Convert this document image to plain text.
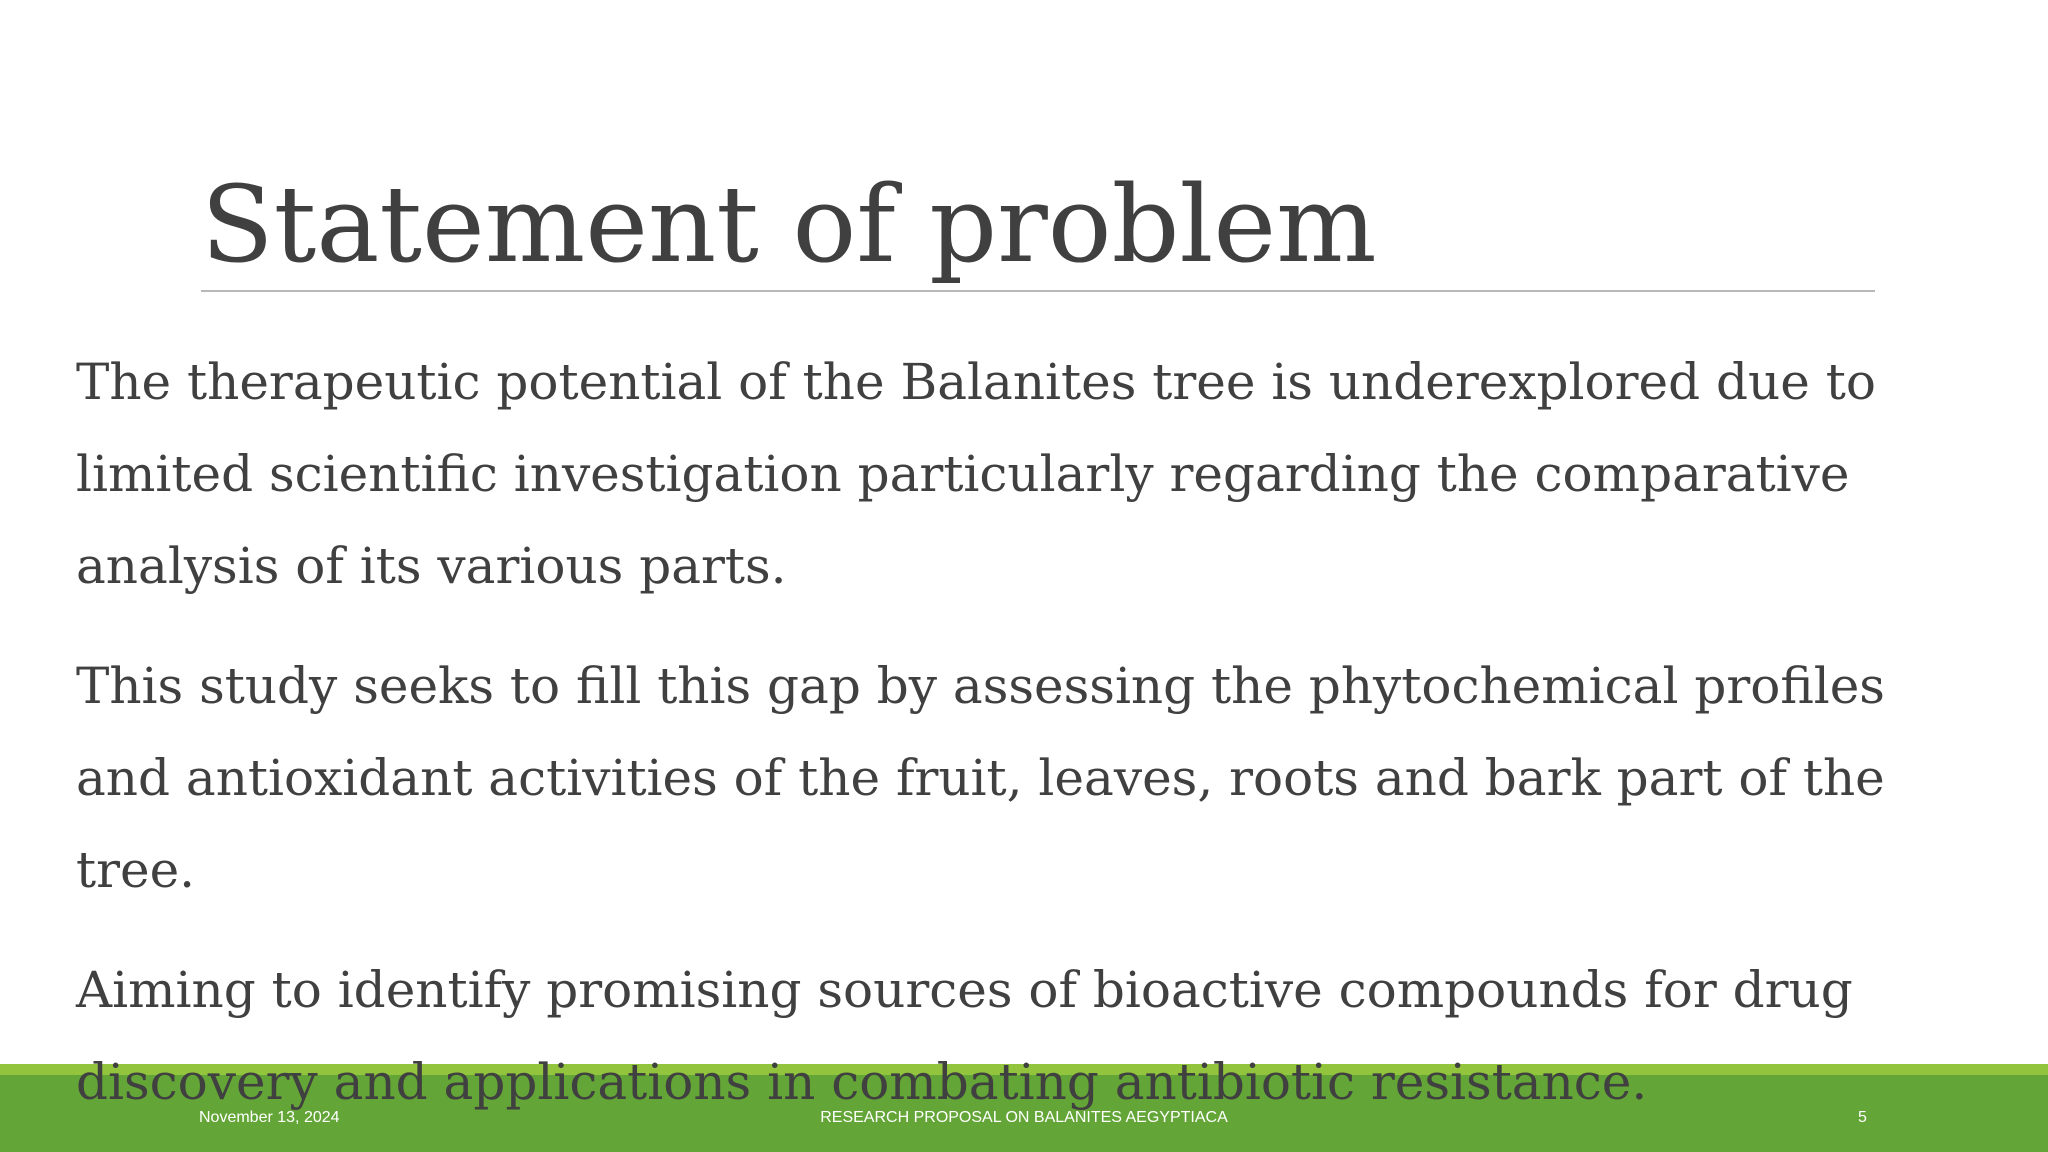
Statement of problem

The therapeutic potential of the Balanites tree is underexplored due to limited scientific investigation particularly regarding the comparative analysis of its various parts.

This study seeks to fill this gap by assessing the phytochemical profiles and antioxidant activities of the fruit, leaves, roots and bark part of the tree.

Aiming to identify promising sources of bioactive compounds for drug discovery and applications in combating antibiotic resistance.

November 13, 2024	RESEARCH PROPOSAL ON BALANITES AEGYPTIACA	5
